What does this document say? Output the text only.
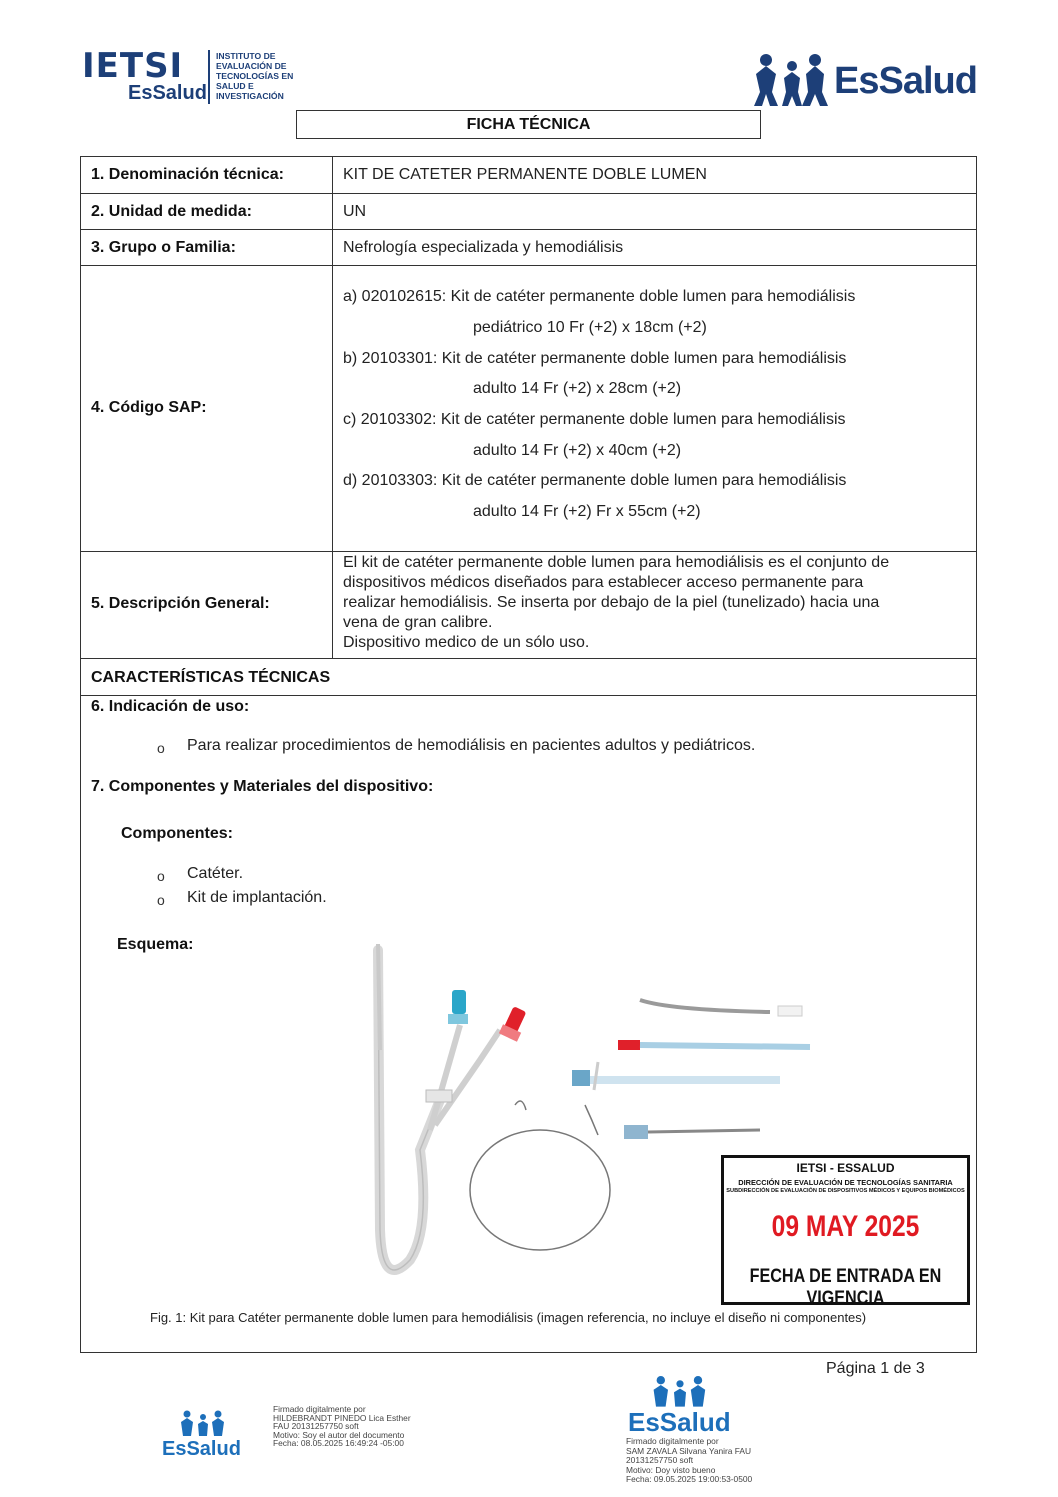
IETSI
EsSalud
INSTITUTO DE EVALUACIÓN DE TECNOLOGÍAS EN SALUD E INVESTIGACIÓN	EsSalud
FICHA TÉCNICA
1. Denominación técnica:	KIT DE CATETER PERMANENTE DOBLE LUMEN
2. Unidad de medida:	UN
3. Grupo o Familia:	Nefrología especializada y hemodiálisis
4. Código SAP:
a) 020102615: Kit de catéter permanente doble lumen para hemodiálisis
pediátrico 10 Fr (+2) x 18cm (+2)
b) 20103301: Kit de catéter permanente doble lumen para hemodiálisis
adulto 14 Fr (+2) x 28cm (+2)
c) 20103302: Kit de catéter permanente doble lumen para hemodiálisis
adulto 14 Fr (+2) x 40cm (+2)
d) 20103303: Kit de catéter permanente doble lumen para hemodiálisis
adulto 14 Fr (+2) Fr x 55cm (+2)
5. Descripción General:
El kit de catéter permanente doble lumen para hemodiálisis es el conjunto de
dispositivos médicos diseñados para establecer acceso permanente para
realizar hemodiálisis. Se inserta por debajo de la piel (tunelizado) hacia una
vena de gran calibre.
Dispositivo medico de un sólo uso.
CARACTERÍSTICAS TÉCNICAS
6. Indicación de uso:
o Para realizar procedimientos de hemodiálisis en pacientes adultos y pediátricos.
7. Componentes y Materiales del dispositivo:
Componentes:
o Catéter.
o Kit de implantación.
Esquema:
Fig. 1: Kit para Catéter permanente doble lumen para hemodiálisis (imagen referencia, no incluye el diseño ni componentes)
IETSI - ESSALUD
DIRECCIÓN DE EVALUACIÓN DE TECNOLOGÍAS SANITARIA
SUBDIRECCIÓN DE EVALUACIÓN DE DISPOSITIVOS MÉDICOS Y EQUIPOS BIOMÉDICOS
09 MAY 2025
FECHA DE ENTRADA EN VIGENCIA
Página 1 de 3
EsSalud
Firmado digitalmente por
HILDEBRANDT PINEDO Lica Esther
FAU 20131257750 soft
Motivo: Soy el autor del documento
Fecha: 08.05.2025 16:49:24 -05:00
EsSalud
Firmado digitalmente por
SAM ZAVALA Silvana Yanira FAU
20131257750 soft
Motivo: Doy visto bueno
Fecha: 09.05.2025 19:00:53-0500
